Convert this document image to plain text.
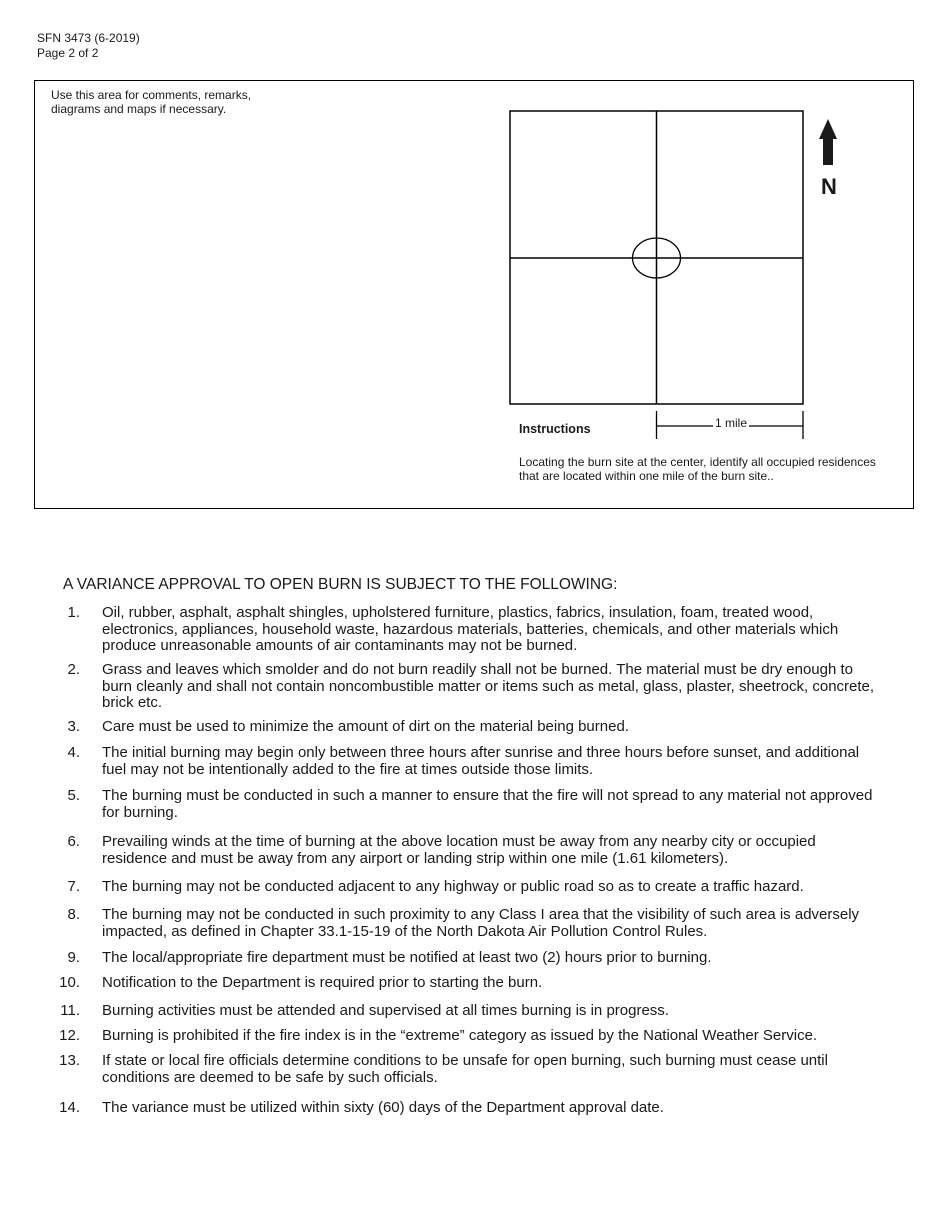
SFN 3473 (6-2019)
Page 2 of 2
Use this area for comments, remarks, diagrams and maps if necessary.
1 mile
N
Instructions
Locating the burn site at the center, identify all occupied residences that are located within one mile of the burn site..
A VARIANCE APPROVAL TO OPEN BURN IS SUBJECT TO THE FOLLOWING:
1. Oil, rubber, asphalt, asphalt shingles, upholstered furniture, plastics, fabrics, insulation, foam, treated wood, electronics, appliances, household waste, hazardous materials, batteries, chemicals, and other materials which produce unreasonable amounts of air contaminants may not be burned.
2. Grass and leaves which smolder and do not burn readily shall not be burned. The material must be dry enough to burn cleanly and shall not contain noncombustible matter or items such as metal, glass, plaster, sheetrock, concrete, brick etc.
3. Care must be used to minimize the amount of dirt on the material being burned.
4. The initial burning may begin only between three hours after sunrise and three hours before sunset, and additional fuel may not be intentionally added to the fire at times outside those limits.
5. The burning must be conducted in such a manner to ensure that the fire will not spread to any material not approved for burning.
6. Prevailing winds at the time of burning at the above location must be away from any nearby city or occupied residence and must be away from any airport or landing strip within one mile (1.61 kilometers).
7. The burning may not be conducted adjacent to any highway or public road so as to create a traffic hazard.
8. The burning may not be conducted in such proximity to any Class I area that the visibility of such area is adversely impacted, as defined in Chapter 33.1-15-19 of the North Dakota Air Pollution Control Rules.
9. The local/appropriate fire department must be notified at least two (2) hours prior to burning.
10. Notification to the Department is required prior to starting the burn.
11. Burning activities must be attended and supervised at all times burning is in progress.
12. Burning is prohibited if the fire index is in the “extreme” category as issued by the National Weather Service.
13. If state or local fire officials determine conditions to be unsafe for open burning, such burning must cease until conditions are deemed to be safe by such officials.
14. The variance must be utilized within sixty (60) days of the Department approval date.
